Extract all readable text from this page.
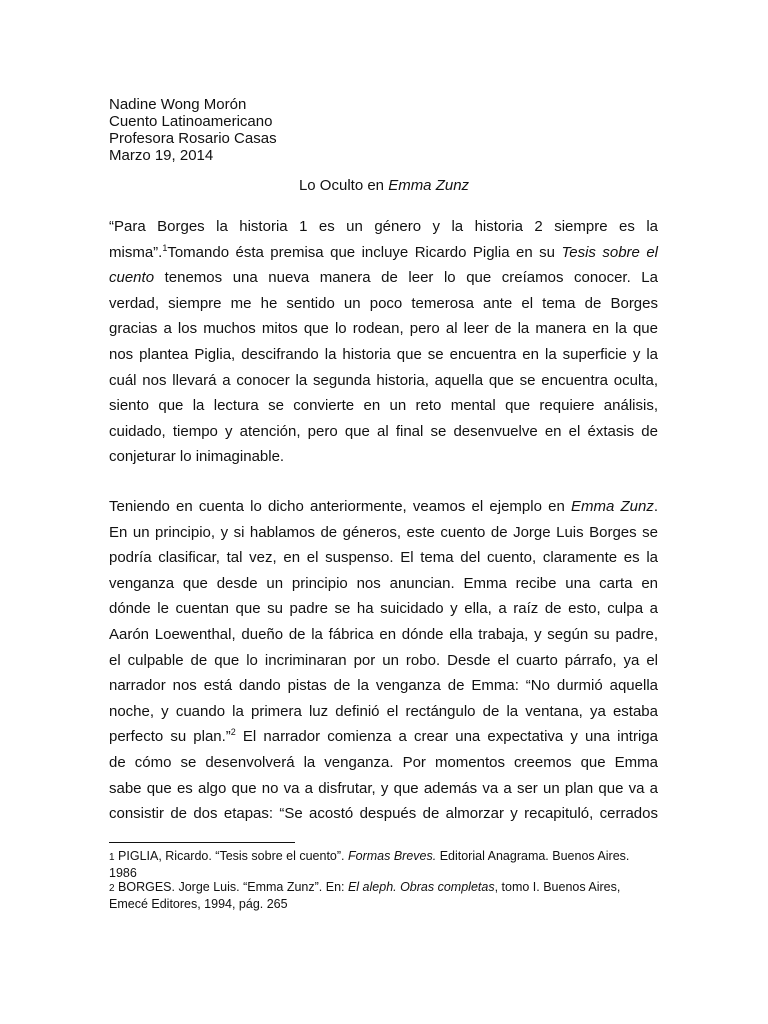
Nadine Wong Morón
Cuento Latinoamericano
Profesora Rosario Casas
Marzo 19, 2014
Lo Oculto en Emma Zunz
“Para Borges la historia 1 es un género y la historia 2 siempre es la
misma”.$^1$Tomando ésta premisa que incluye Ricardo Piglia en su Tesis sobre el
cuento tenemos una nueva manera de leer lo que creíamos conocer. La
verdad, siempre me he sentido un poco temerosa ante el tema de Borges
gracias a los muchos mitos que lo rodean, pero al leer de la manera en la que
nos plantea Piglia, descifrando la historia que se encuentra en la superficie y la
cuál nos llevará a conocer la segunda historia, aquella que se encuentra oculta,
siento que la lectura se convierte en un reto mental que requiere análisis,
cuidado, tiempo y atención, pero que al final se desenvuelve en el éxtasis de
conjeturar lo inimaginable.
Teniendo en cuenta lo dicho anteriormente, veamos el ejemplo en Emma Zunz.
En un principio, y si hablamos de géneros, este cuento de Jorge Luis Borges se
podría clasificar, tal vez, en el suspenso. El tema del cuento, claramente es la
venganza que desde un principio nos anuncian. Emma recibe una carta en
dónde le cuentan que su padre se ha suicidado y ella, a raíz de esto, culpa a
Aarón Loewenthal, dueño de la fábrica en dónde ella trabaja, y según su padre,
el culpable de que lo incriminaran por un robo. Desde el cuarto párrafo, ya el
narrador nos está dando pistas de la venganza de Emma: “No durmió aquella
noche, y cuando la primera luz definió el rectángulo de la ventana, ya estaba
perfecto su plan.”$^2$ El narrador comienza a crear una expectativa y una intriga
de cómo se desenvolverá la venganza. Por momentos creemos que Emma
sabe que es algo que no va a disfrutar, y que además va a ser un plan que va a
consistir de dos etapas: “Se acostó después de almorzar y recapituló, cerrados
1 PIGLIA, Ricardo. “Tesis sobre el cuento”. Formas Breves. Editorial Anagrama. Buenos Aires.
1986
2 BORGES. Jorge Luis. “Emma Zunz”. En: El aleph. Obras completas, tomo I. Buenos Aires,
Emecé Editores, 1994, pág. 265
